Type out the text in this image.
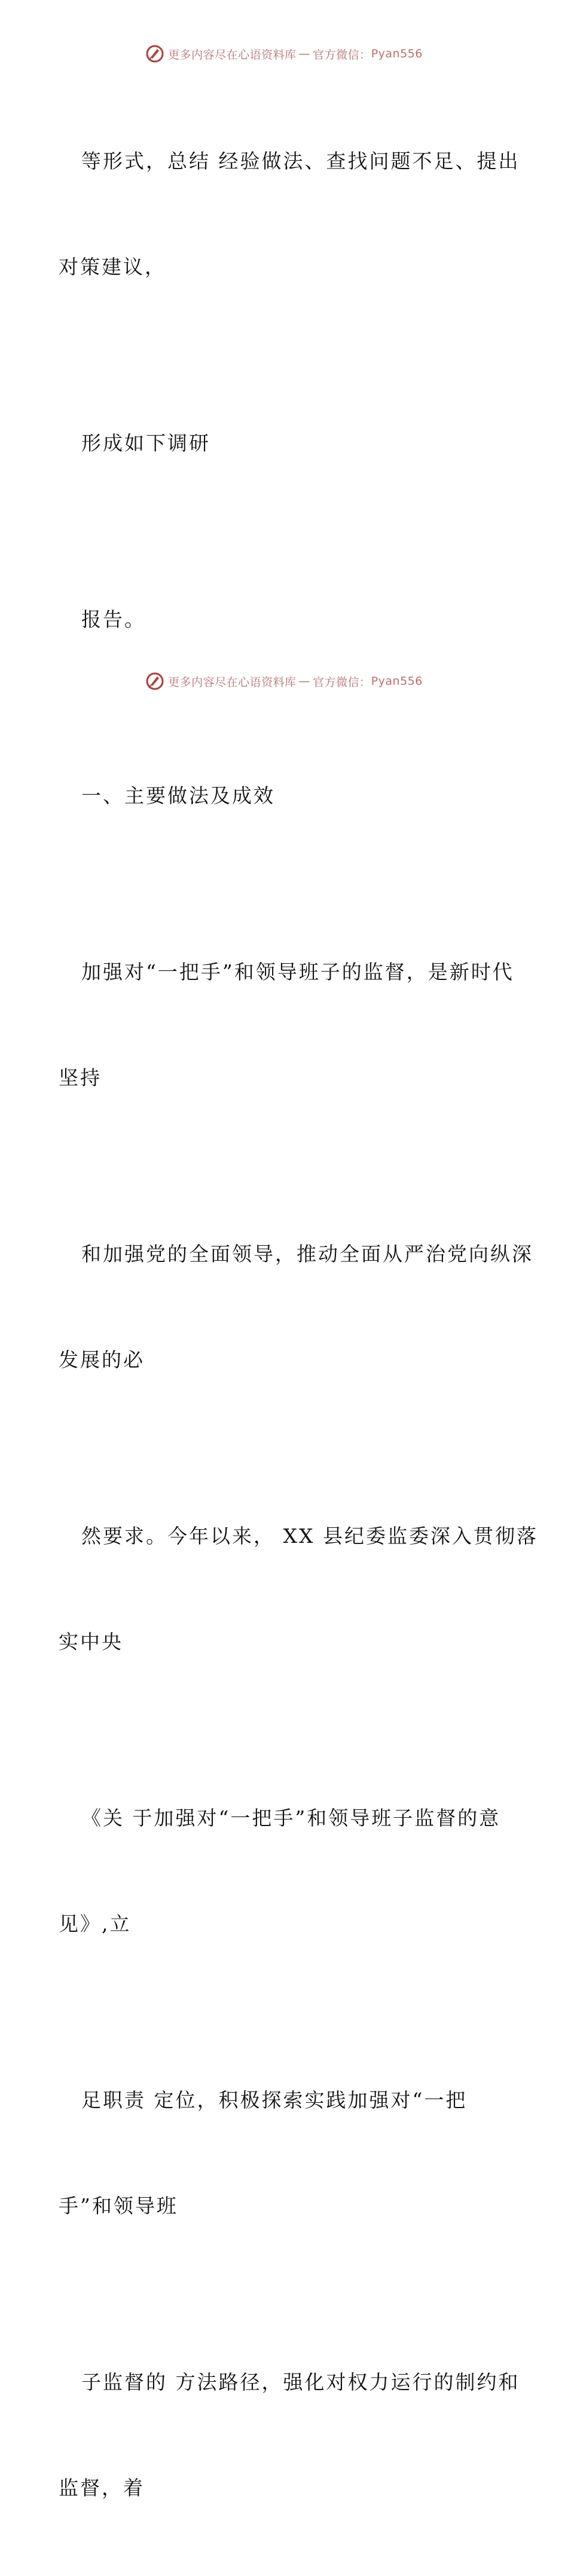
更多内容尽在心语资料库 — 官方微信： Pyan556

等形式，总结 经验做法、查找问题不足、提出

对策建议，

形成如下调研

报告。

一、主要做法及成效

加强对“一把手”和领导班子的监督，是新时代

坚持

和加强党的全面领导，推动全面从严治党向纵深

发展的必

然要求。今年以来， XX 县纪委监委深入贯彻落

实中央

《关 于加强对“一把手”和领导班子监督的意

见》,立

足职责 定位，积极探索实践加强对“一把

手”和领导班

子监督的 方法路径，强化对权力运行的制约和

监督，着

更多内容尽在心语资料库 — 官方微信： Pyan556
